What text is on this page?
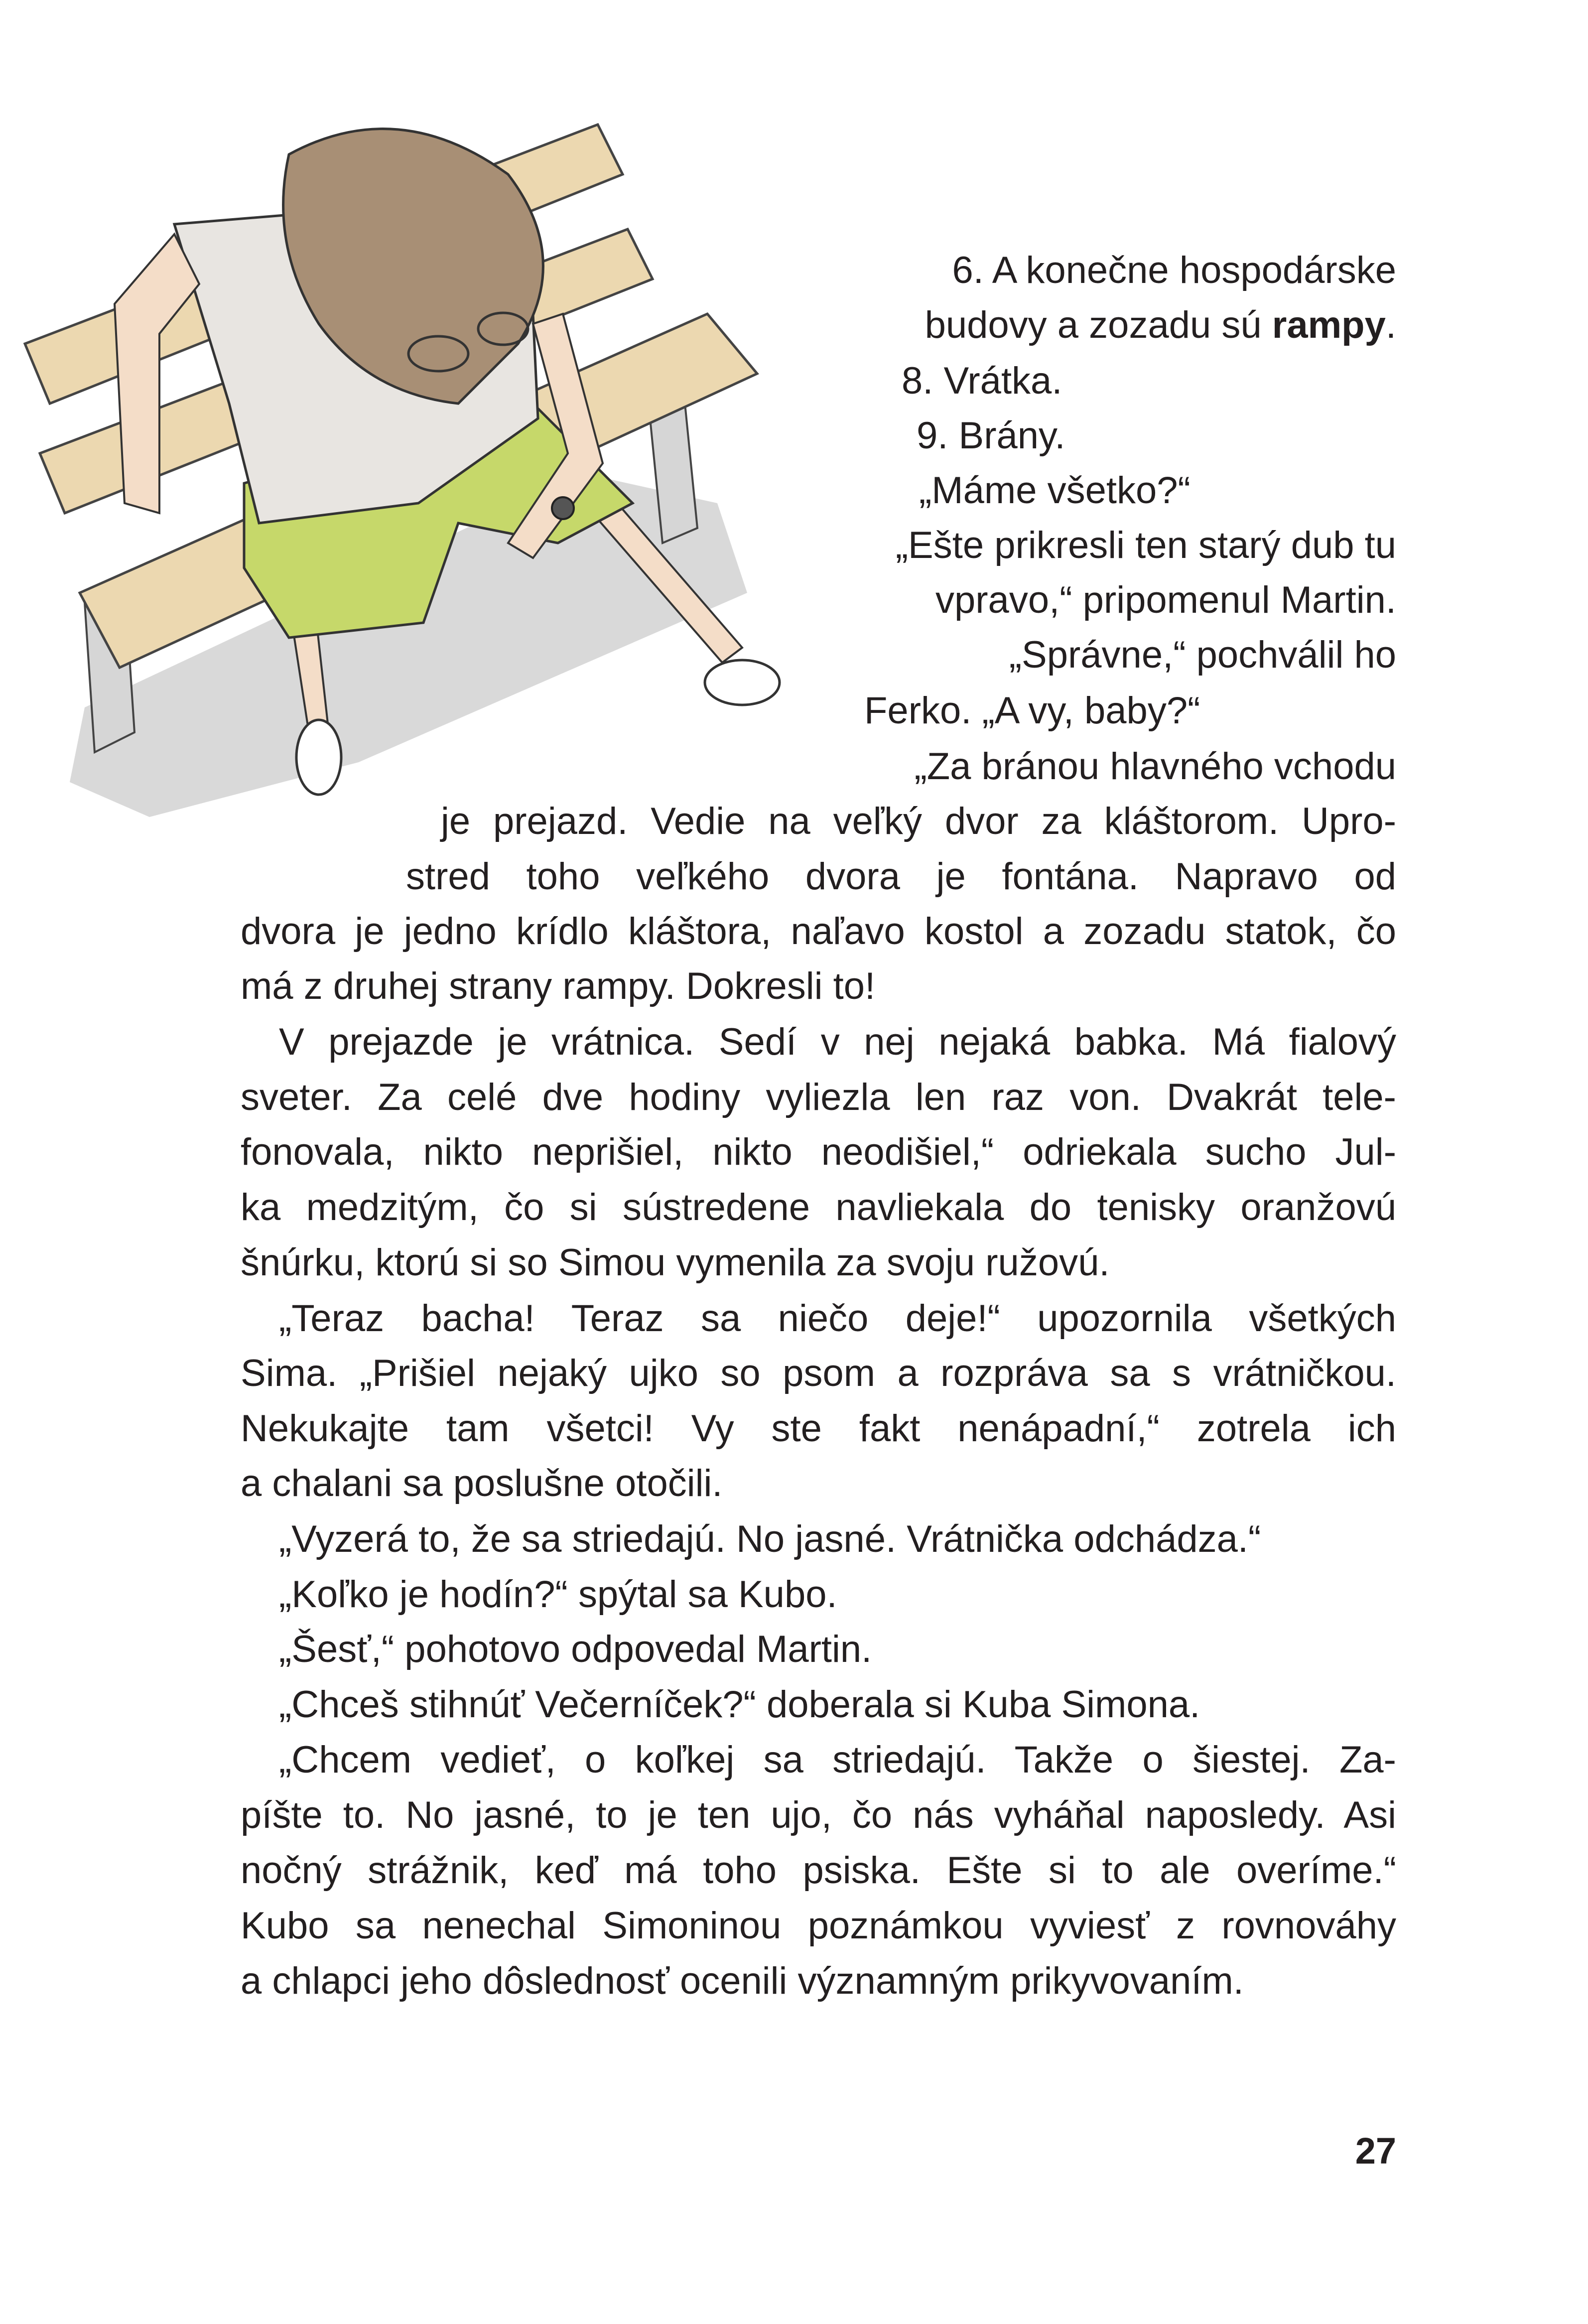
6. A konečne hospodárske
budovy a zozadu sú rampy.
8. Vrátka.
9. Brány.
„Máme všetko?“
„Ešte prikresli ten starý dub tu
vpravo,“ pripomenul Martin.
„Správne,“ pochválil ho
Ferko. „A vy, baby?“
„Za bránou hlavného vchodu
je prejazd. Vedie na veľký dvor za kláštorom. Upro-
stred toho veľkého dvora je fontána. Napravo od
dvora je jedno krídlo kláštora, naľavo kostol a zozadu statok, čo
má z druhej strany rampy. Dokresli to!
V prejazde je vrátnica. Sedí v nej nejaká babka. Má fialový
sveter. Za celé dve hodiny vyliezla len raz von. Dvakrát tele-
fonovala, nikto neprišiel, nikto neodišiel,“ odriekala sucho Jul-
ka medzitým, čo si sústredene navliekala do tenisky oranžovú
šnúrku, ktorú si so Simou vymenila za svoju ružovú.
„Teraz bacha! Teraz sa niečo deje!“ upozornila všetkých
Sima. „Prišiel nejaký ujko so psom a rozpráva sa s vrátničkou.
Nekukajte tam všetci! Vy ste fakt nenápadní,“ zotrela ich
a chalani sa poslušne otočili.
„Vyzerá to, že sa striedajú. No jasné. Vrátnička odchádza.“
„Koľko je hodín?“ spýtal sa Kubo.
„Šesť,“ pohotovo odpovedal Martin.
„Chceš stihnúť Večerníček?“ doberala si Kuba Simona.
„Chcem vedieť, o koľkej sa striedajú. Takže o šiestej. Za-
píšte to. No jasné, to je ten ujo, čo nás vyháňal naposledy. Asi
nočný strážnik, keď má toho psiska. Ešte si to ale overíme.“
Kubo sa nenechal Simoninou poznámkou vyviesť z rovnováhy
a chlapci jeho dôslednosť ocenili významným prikyvovaním.
27
